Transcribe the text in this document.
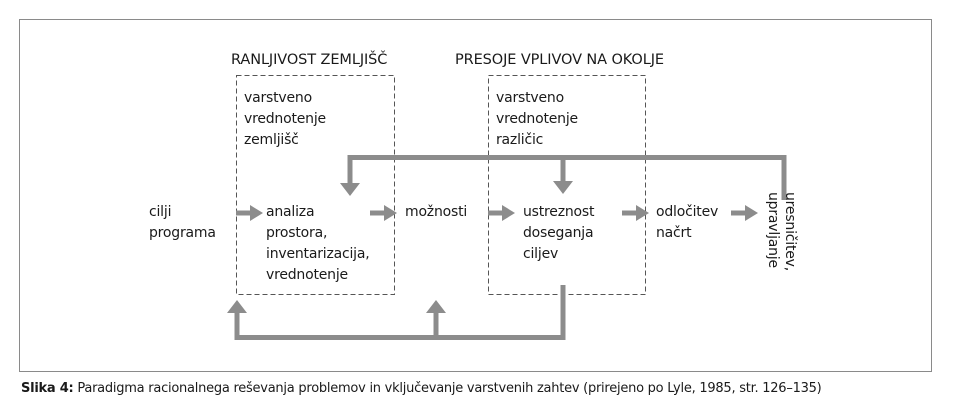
RANLJIVOST ZEMLJIŠČ	PRESOJE VPLIVOV NA OKOLJE
varstveno
vrednotenje
zemljišč
varstveno
vrednotenje
različic
cilji
programa
analiza
prostora,
inventarizacija,
vrednotenje
možnosti	ustreznost
doseganja
ciljev
odločitev
načrt	uresničitev,
upravljanje
Slika 4: Paradigma racionalnega reševanja problemov in vključevanje varstvenih zahtev (prirejeno po Lyle, 1985, str. 126–135)
